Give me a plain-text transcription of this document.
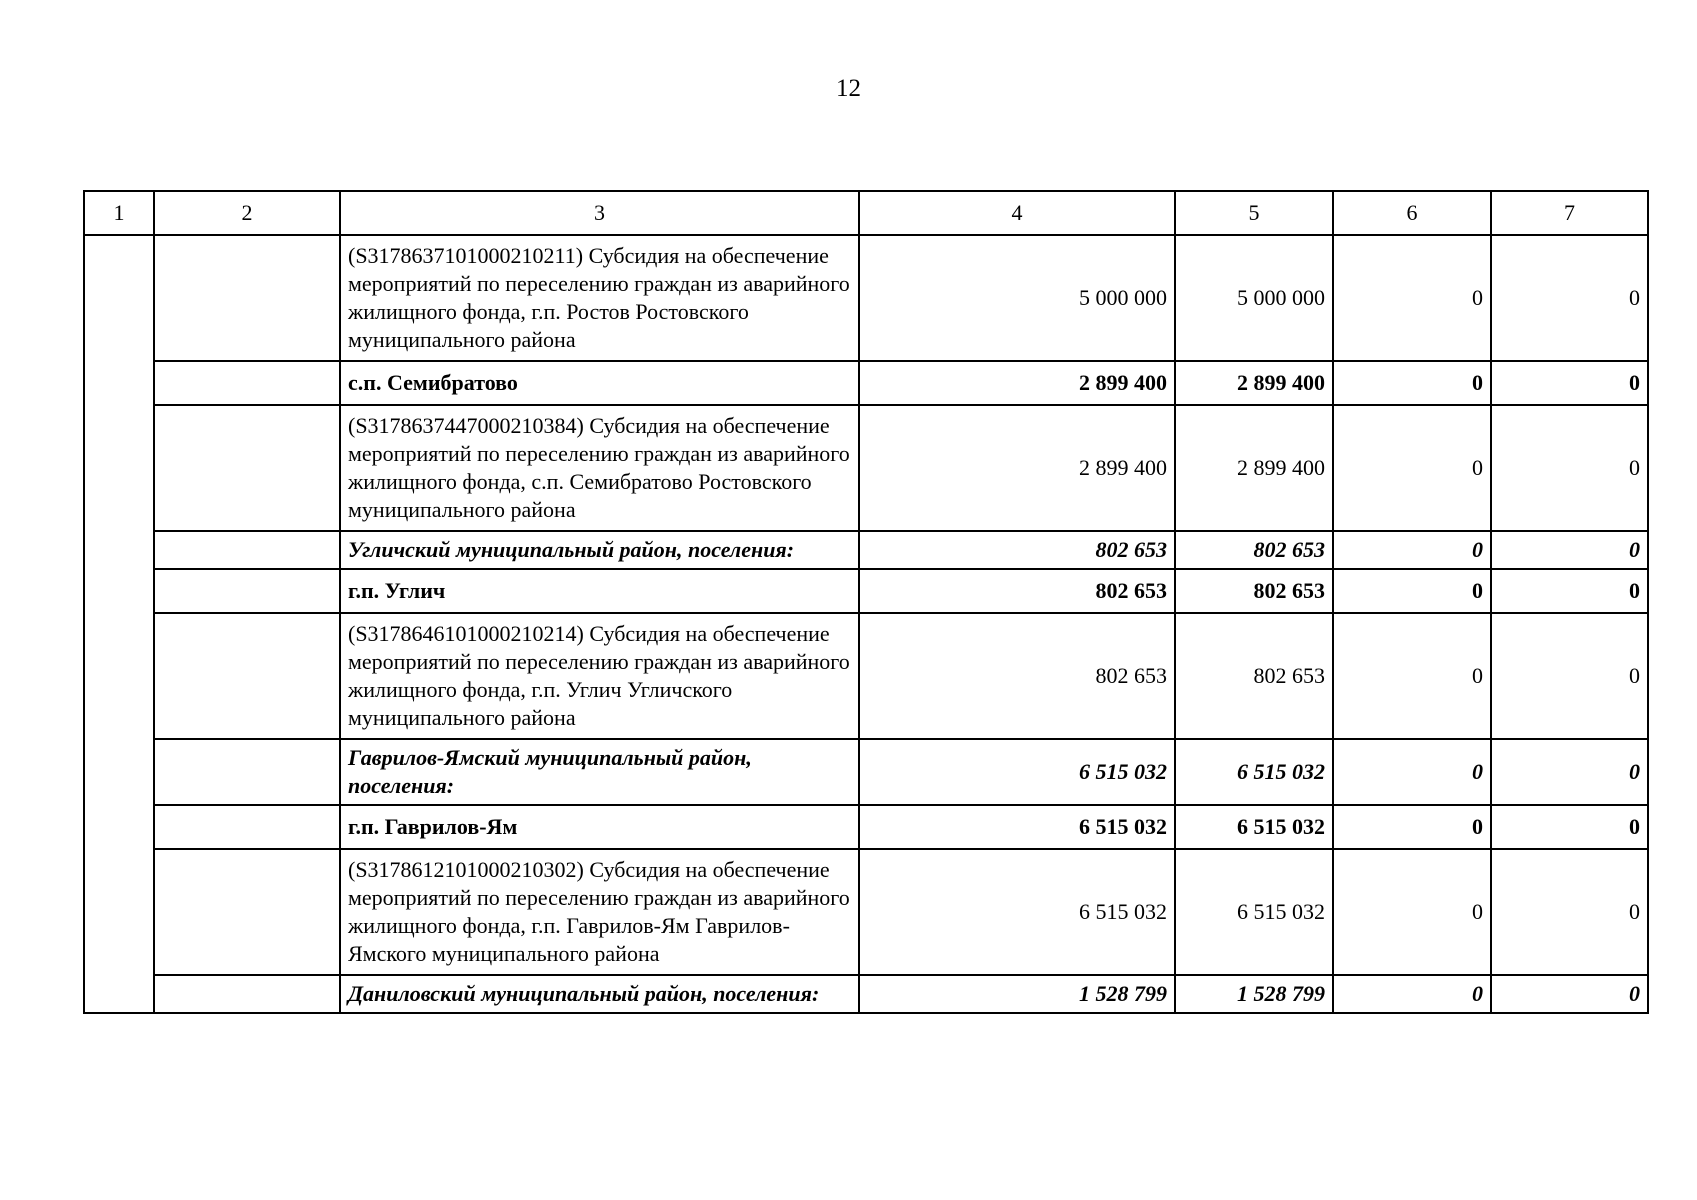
12
1	2	3	4	5	6	7
		(S3178637101000210211) Субсидия на обеспечение мероприятий по переселению граждан из аварийного жилищного фонда, г.п. Ростов Ростовского муниципального района	5 000 000	5 000 000	0	0
		с.п. Семибратово	2 899 400	2 899 400	0	0
		(S3178637447000210384) Субсидия на обеспечение мероприятий по переселению граждан из аварийного жилищного фонда, с.п. Семибратово Ростовского муниципального района	2 899 400	2 899 400	0	0
		Угличский муниципальный район, поселения:	802 653	802 653	0	0
		г.п. Углич	802 653	802 653	0	0
		(S3178646101000210214) Субсидия на обеспечение мероприятий по переселению граждан из аварийного жилищного фонда, г.п. Углич Угличского муниципального района	802 653	802 653	0	0
		Гаврилов-Ямский муниципальный район, поселения:	6 515 032	6 515 032	0	0
		г.п. Гаврилов-Ям	6 515 032	6 515 032	0	0
		(S3178612101000210302) Субсидия на обеспечение мероприятий по переселению граждан из аварийного жилищного фонда, г.п. Гаврилов-Ям Гаврилов-Ямского муниципального района	6 515 032	6 515 032	0	0
		Даниловский муниципальный район, поселения:	1 528 799	1 528 799	0	0
